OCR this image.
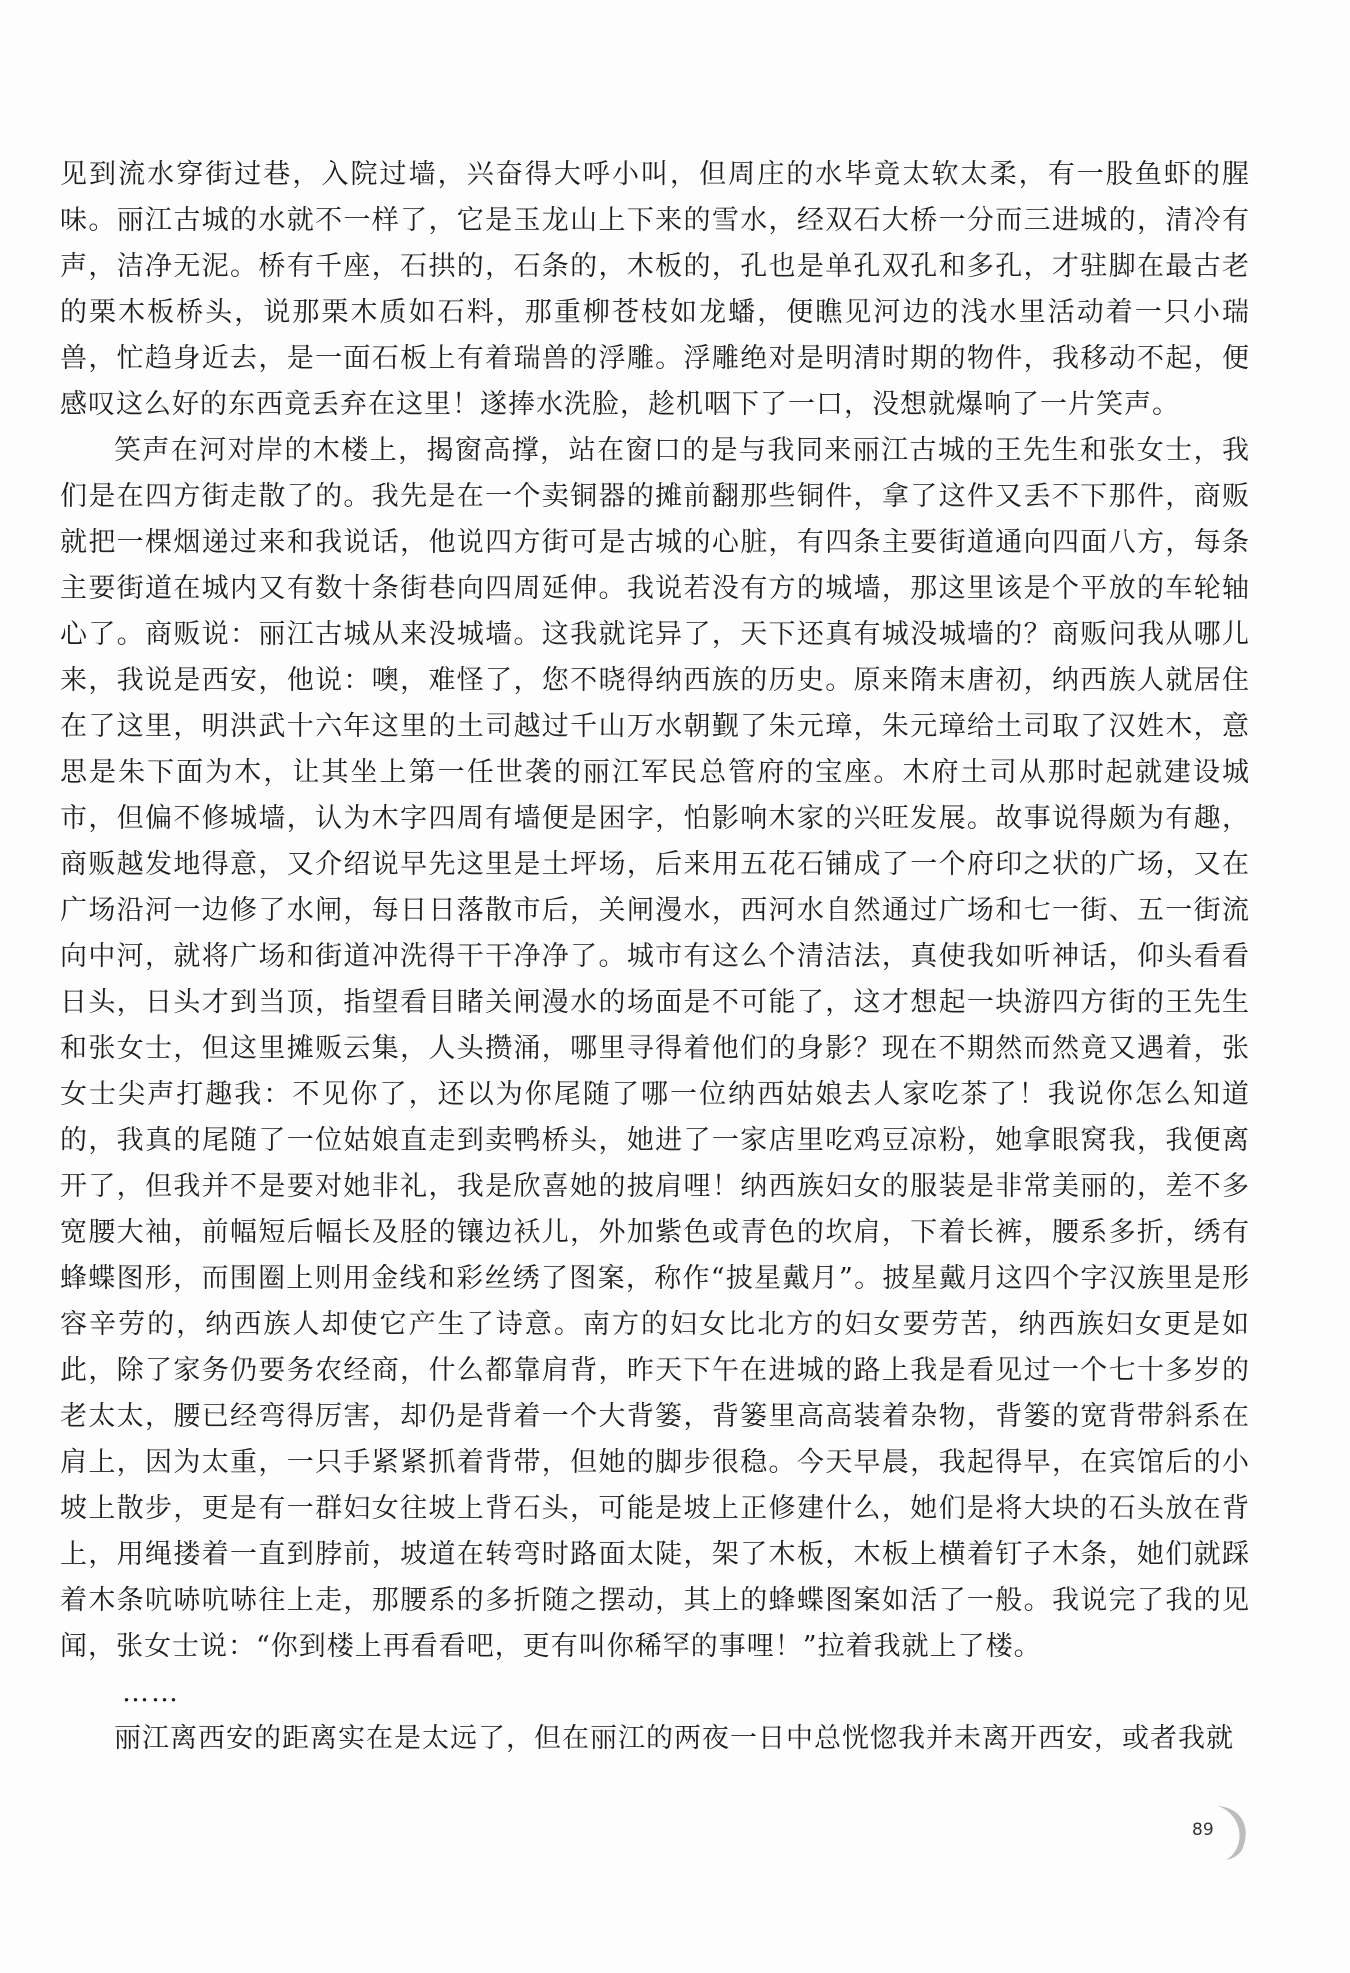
见到流水穿街过巷，入院过墙，兴奋得大呼小叫，但周庄的水毕竟太软太柔，有一股鱼虾的腥味。丽江古城的水就不一样了，它是玉龙山上下来的雪水，经双石大桥一分而三进城的，清冷有声，洁净无泥。桥有千座，石拱的，石条的，木板的，孔也是单孔双孔和多孔，才驻脚在最古老的栗木板桥头，说那栗木质如石料，那重柳苍枝如龙蟠，便瞧见河边的浅水里活动着一只小瑞兽，忙趋身近去，是一面石板上有着瑞兽的浮雕。浮雕绝对是明清时期的物件，我移动不起，便感叹这么好的东西竟丢弃在这里！遂捧水洗脸，趁机咽下了一口，没想就爆响了一片笑声。

笑声在河对岸的木楼上，揭窗高撑，站在窗口的是与我同来丽江古城的王先生和张女士，我们是在四方街走散了的。我先是在一个卖铜器的摊前翻那些铜件，拿了这件又丢不下那件，商贩就把一棵烟递过来和我说话，他说四方街可是古城的心脏，有四条主要街道通向四面八方，每条主要街道在城内又有数十条街巷向四周延伸。我说若没有方的城墙，那这里该是个平放的车轮轴心了。商贩说：丽江古城从来没城墙。这我就诧异了，天下还真有城没城墙的？商贩问我从哪儿来，我说是西安，他说：噢，难怪了，您不晓得纳西族的历史。原来隋末唐初，纳西族人就居住在了这里，明洪武十六年这里的土司越过千山万水朝觐了朱元璋，朱元璋给土司取了汉姓木，意思是朱下面为木，让其坐上第一任世袭的丽江军民总管府的宝座。木府土司从那时起就建设城市，但偏不修城墙，认为木字四周有墙便是困字，怕影响木家的兴旺发展。故事说得颇为有趣，商贩越发地得意，又介绍说早先这里是土坪场，后来用五花石铺成了一个府印之状的广场，又在广场沿河一边修了水闸，每日日落散市后，关闸漫水，西河水自然通过广场和七一街、五一街流向中河，就将广场和街道冲洗得干干净净了。城市有这么个清洁法，真使我如听神话，仰头看看日头，日头才到当顶，指望看目睹关闸漫水的场面是不可能了，这才想起一块游四方街的王先生和张女士，但这里摊贩云集，人头攒涌，哪里寻得着他们的身影？现在不期然而然竟又遇着，张女士尖声打趣我：不见你了，还以为你尾随了哪一位纳西姑娘去人家吃茶了！我说你怎么知道的，我真的尾随了一位姑娘直走到卖鸭桥头，她进了一家店里吃鸡豆凉粉，她拿眼窝我，我便离开了，但我并不是要对她非礼，我是欣喜她的披肩哩！纳西族妇女的服装是非常美丽的，差不多宽腰大袖，前幅短后幅长及胫的镶边袄儿，外加紫色或青色的坎肩，下着长裤，腰系多折，绣有蜂蝶图形，而围圈上则用金线和彩丝绣了图案，称作“披星戴月”。披星戴月这四个字汉族里是形容辛劳的，纳西族人却使它产生了诗意。南方的妇女比北方的妇女要劳苦，纳西族妇女更是如此，除了家务仍要务农经商，什么都靠肩背，昨天下午在进城的路上我是看见过一个七十多岁的老太太，腰已经弯得厉害，却仍是背着一个大背篓，背篓里高高装着杂物，背篓的宽背带斜系在肩上，因为太重，一只手紧紧抓着背带，但她的脚步很稳。今天早晨，我起得早，在宾馆后的小坡上散步，更是有一群妇女往坡上背石头，可能是坡上正修建什么，她们是将大块的石头放在背上，用绳搂着一直到脖前，坡道在转弯时路面太陡，架了木板，木板上横着钉子木条，她们就踩着木条吭哧吭哧往上走，那腰系的多折随之摆动，其上的蜂蝶图案如活了一般。我说完了我的见闻，张女士说：“你到楼上再看看吧，更有叫你稀罕的事哩！”拉着我就上了楼。

……

丽江离西安的距离实在是太远了，但在丽江的两夜一日中总恍惚我并未离开西安，或者我就

89
